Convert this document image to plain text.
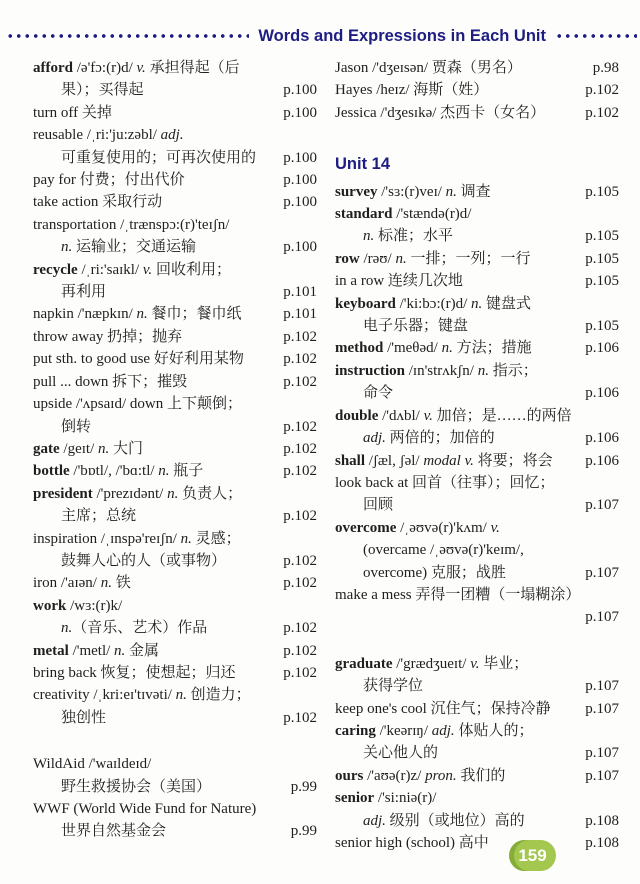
Words and Expressions in Each Unit
afford /ə'fɔ:(r)d/ v. 承担得起（后
果）；买得起	p.100
turn off 关掉	p.100
reusable /ˌri:'ju:zəbl/ adj.
可重复使用的；可再次使用的	p.100
pay for 付费；付出代价	p.100
take action 采取行动	p.100
transportation /ˌtrænspɔ:(r)'teɪʃn/
n. 运输业；交通运输	p.100
recycle /ˌri:'saɪkl/ v. 回收利用；
再利用	p.101
napkin /'næpkɪn/ n. 餐巾；餐巾纸	p.101
throw away 扔掉；抛弃	p.102
put sth. to good use 好好利用某物	p.102
pull ... down 拆下；摧毁	p.102
upside /'ʌpsaɪd/ down 上下颠倒；
倒转	p.102
gate /geɪt/ n. 大门	p.102
bottle /'bɒtl/, /'bɑ:tl/ n. 瓶子	p.102
president /'prezɪdənt/ n. 负责人；
主席；总统	p.102
inspiration /ˌɪnspə'reɪʃn/ n. 灵感；
鼓舞人心的人（或事物）	p.102
iron /'aɪən/ n. 铁	p.102
work /wɜ:(r)k/
n.（音乐、艺术）作品	p.102
metal /'metl/ n. 金属	p.102
bring back 恢复；使想起；归还	p.102
creativity /ˌkri:eɪ'tɪvəti/ n. 创造力；
独创性	p.102
WildAid /'waɪldeɪd/
野生救援协会（美国）	p.99
WWF (World Wide Fund for Nature)
世界自然基金会	p.99
Jason /'dʒeɪsən/ 贾森（男名）	p.98
Hayes /heɪz/ 海斯（姓）	p.102
Jessica /'dʒesɪkə/ 杰西卡（女名）	p.102
Unit 14
survey /'sɜ:(r)veɪ/ n. 调查	p.105
standard /'stændə(r)d/
n. 标准；水平	p.105
row /rəʊ/ n. 一排；一列；一行	p.105
in a row 连续几次地	p.105
keyboard /'ki:bɔ:(r)d/ n. 键盘式
电子乐器；键盘	p.105
method /'meθəd/ n. 方法；措施	p.106
instruction /ɪn'strʌkʃn/ n. 指示；
命令	p.106
double /'dʌbl/ v. 加倍；是……的两倍
adj. 两倍的；加倍的	p.106
shall /ʃæl, ʃəl/ modal v. 将要；将会	p.106
look back at 回首（往事）；回忆；
回顾	p.107
overcome /ˌəʊvə(r)'kʌm/ v.
(overcame /ˌəʊvə(r)'keɪm/,
overcome) 克服；战胜	p.107
make a mess 弄得一团糟（一塌糊涂）
p.107
graduate /'grædʒueɪt/ v. 毕业；
获得学位	p.107
keep one's cool 沉住气；保持冷静	p.107
caring /'keərɪŋ/ adj. 体贴人的；
关心他人的	p.107
ours /'aʊə(r)z/ pron. 我们的	p.107
senior /'si:niə(r)/
adj. 级别（或地位）高的	p.108
senior high (school) 高中	p.108
159
